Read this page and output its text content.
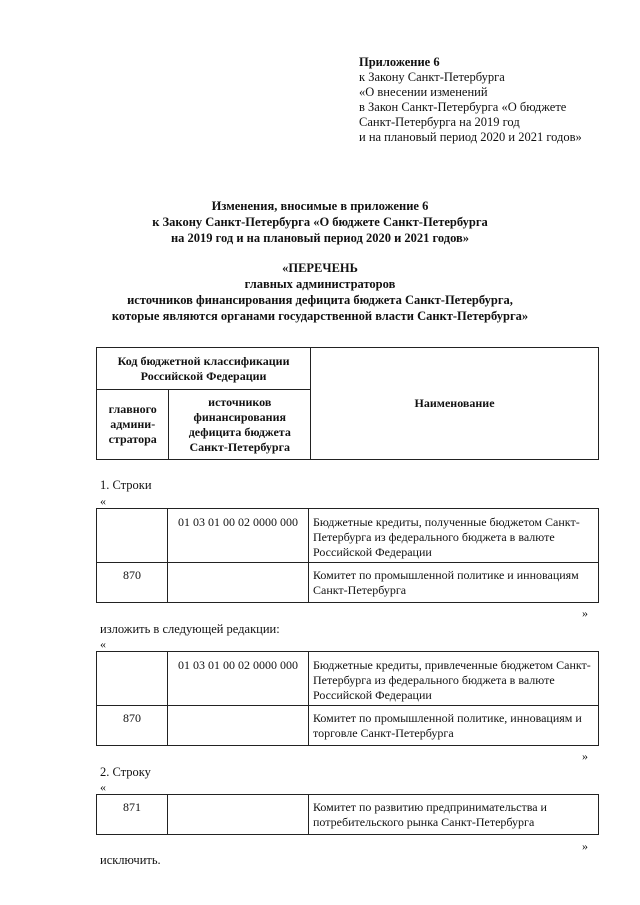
Приложение 6
к Закону Санкт-Петербурга
«О внесении изменений
в Закон Санкт-Петербурга «О бюджете
Санкт-Петербурга на 2019 год
и на плановый период 2020 и 2021 годов»
Изменения, вносимые в приложение 6
к Закону Санкт-Петербурга «О бюджете Санкт-Петербурга
на 2019 год и на плановый период 2020 и 2021 годов»
«ПЕРЕЧЕНЬ
главных администраторов
источников финансирования дефицита бюджета Санкт-Петербурга,
которые являются органами государственной власти Санкт-Петербурга»
Код бюджетной классификации Российской Федерации		Наименование
главного админи-стратора	источников финансирования дефицита бюджета Санкт-Петербурга	
1. Строки
«
	01 03 01 00 02 0000 000	Бюджетные кредиты, полученные бюджетом Санкт-Петербурга из федерального бюджета в валюте Российской Федерации
870		Комитет по промышленной политике и инновациям Санкт-Петербурга
»
изложить в следующей редакции:
«
	01 03 01 00 02 0000 000	Бюджетные кредиты, привлеченные бюджетом Санкт-Петербурга из федерального бюджета в валюте Российской Федерации
870		Комитет по промышленной политике, инновациям и торговле Санкт-Петербурга
»
2. Строку
«
871		Комитет по развитию предпринимательства и потребительского рынка Санкт-Петербурга
»
исключить.
